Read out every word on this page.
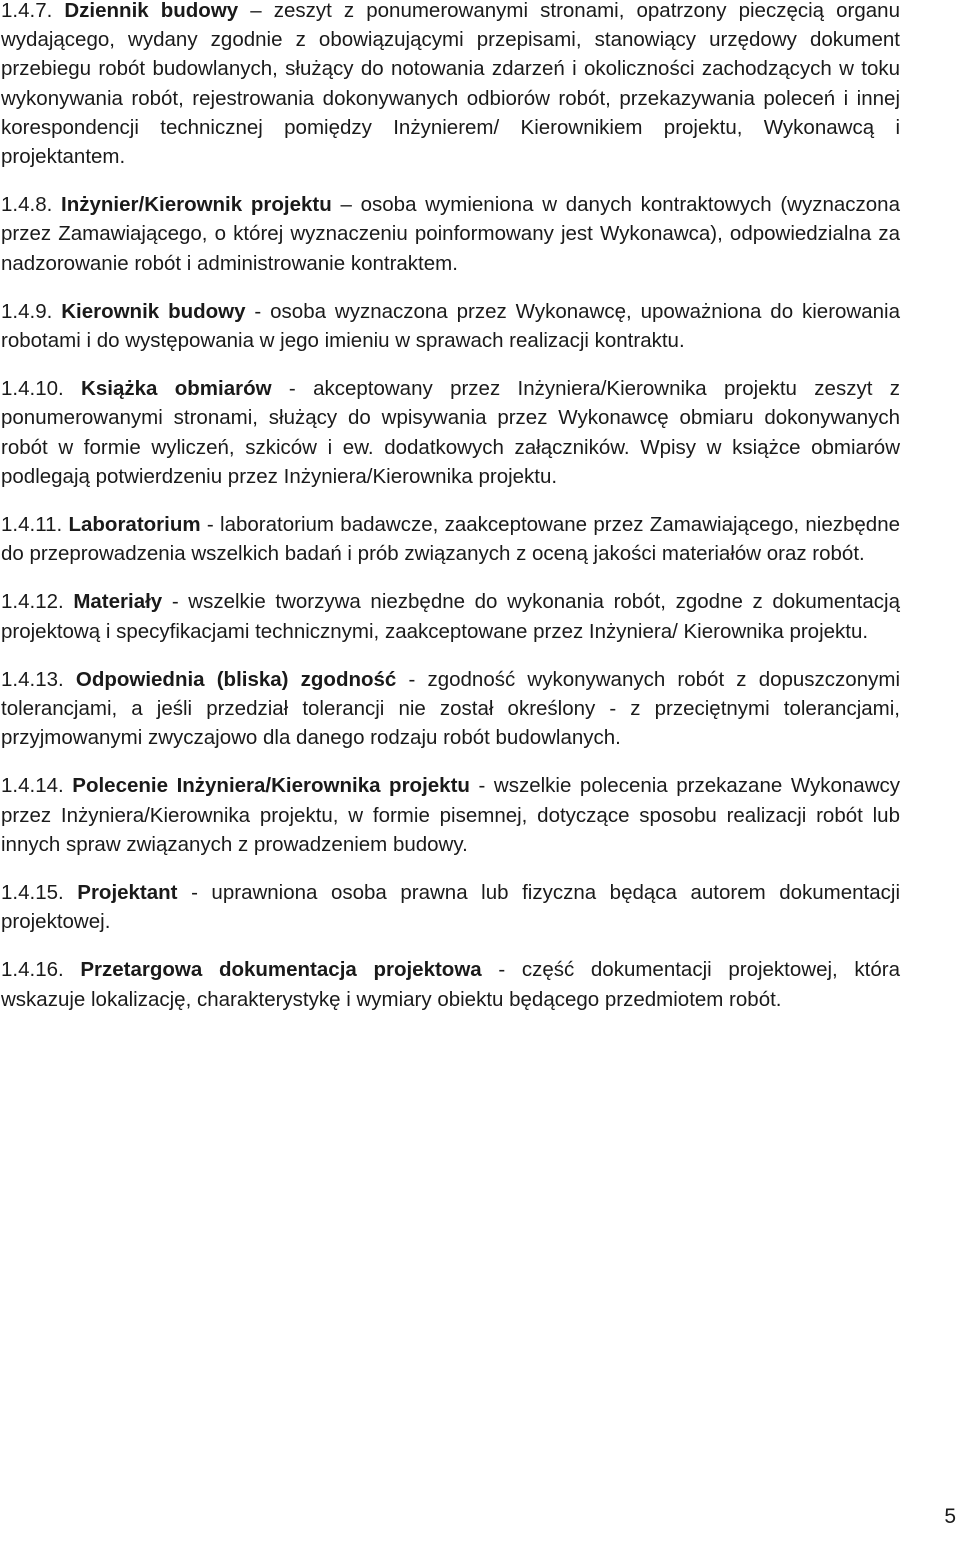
1.4.7. Dziennik budowy – zeszyt z ponumerowanymi stronami, opatrzony pieczęcią organu wydającego, wydany zgodnie z obowiązującymi przepisami, stanowiący urzędowy dokument przebiegu robót budowlanych, służący do notowania zdarzeń i okoliczności zachodzących w toku wykonywania robót, rejestrowania dokonywanych odbiorów robót, przekazywania poleceń i innej korespondencji technicznej pomiędzy Inżynierem/ Kierownikiem projektu, Wykonawcą i projektantem.

1.4.8. Inżynier/Kierownik projektu – osoba wymieniona w danych kontraktowych (wyznaczona przez Zamawiającego, o której wyznaczeniu poinformowany jest Wykonawca), odpowiedzialna za nadzorowanie robót i administrowanie kontraktem.

1.4.9. Kierownik budowy - osoba wyznaczona przez Wykonawcę, upoważniona do kierowania robotami i do występowania w jego imieniu w sprawach realizacji kontraktu.

1.4.10. Książka obmiarów - akceptowany przez Inżyniera/Kierownika projektu zeszyt z ponumerowanymi stronami, służący do wpisywania przez Wykonawcę obmiaru dokonywanych robót w formie wyliczeń, szkiców i ew. dodatkowych załączników. Wpisy w książce obmiarów podlegają potwierdzeniu przez Inżyniera/Kierownika projektu.

1.4.11. Laboratorium - laboratorium badawcze, zaakceptowane przez Zamawiającego, niezbędne do przeprowadzenia wszelkich badań i prób związanych z oceną jakości materiałów oraz robót.

1.4.12. Materiały - wszelkie tworzywa niezbędne do wykonania robót, zgodne z dokumentacją projektową i specyfikacjami technicznymi, zaakceptowane przez Inżyniera/ Kierownika projektu.

1.4.13. Odpowiednia (bliska) zgodność - zgodność wykonywanych robót z dopuszczonymi tolerancjami, a jeśli przedział tolerancji nie został określony - z przeciętnymi tolerancjami, przyjmowanymi zwyczajowo dla danego rodzaju robót budowlanych.

1.4.14. Polecenie Inżyniera/Kierownika projektu - wszelkie polecenia przekazane Wykonawcy przez Inżyniera/Kierownika projektu, w formie pisemnej, dotyczące sposobu realizacji robót lub innych spraw związanych z prowadzeniem budowy.

1.4.15. Projektant - uprawniona osoba prawna lub fizyczna będąca autorem dokumentacji projektowej.

1.4.16. Przetargowa dokumentacja projektowa - część dokumentacji projektowej, która wskazuje lokalizację, charakterystykę i wymiary obiektu będącego przedmiotem robót.

5
